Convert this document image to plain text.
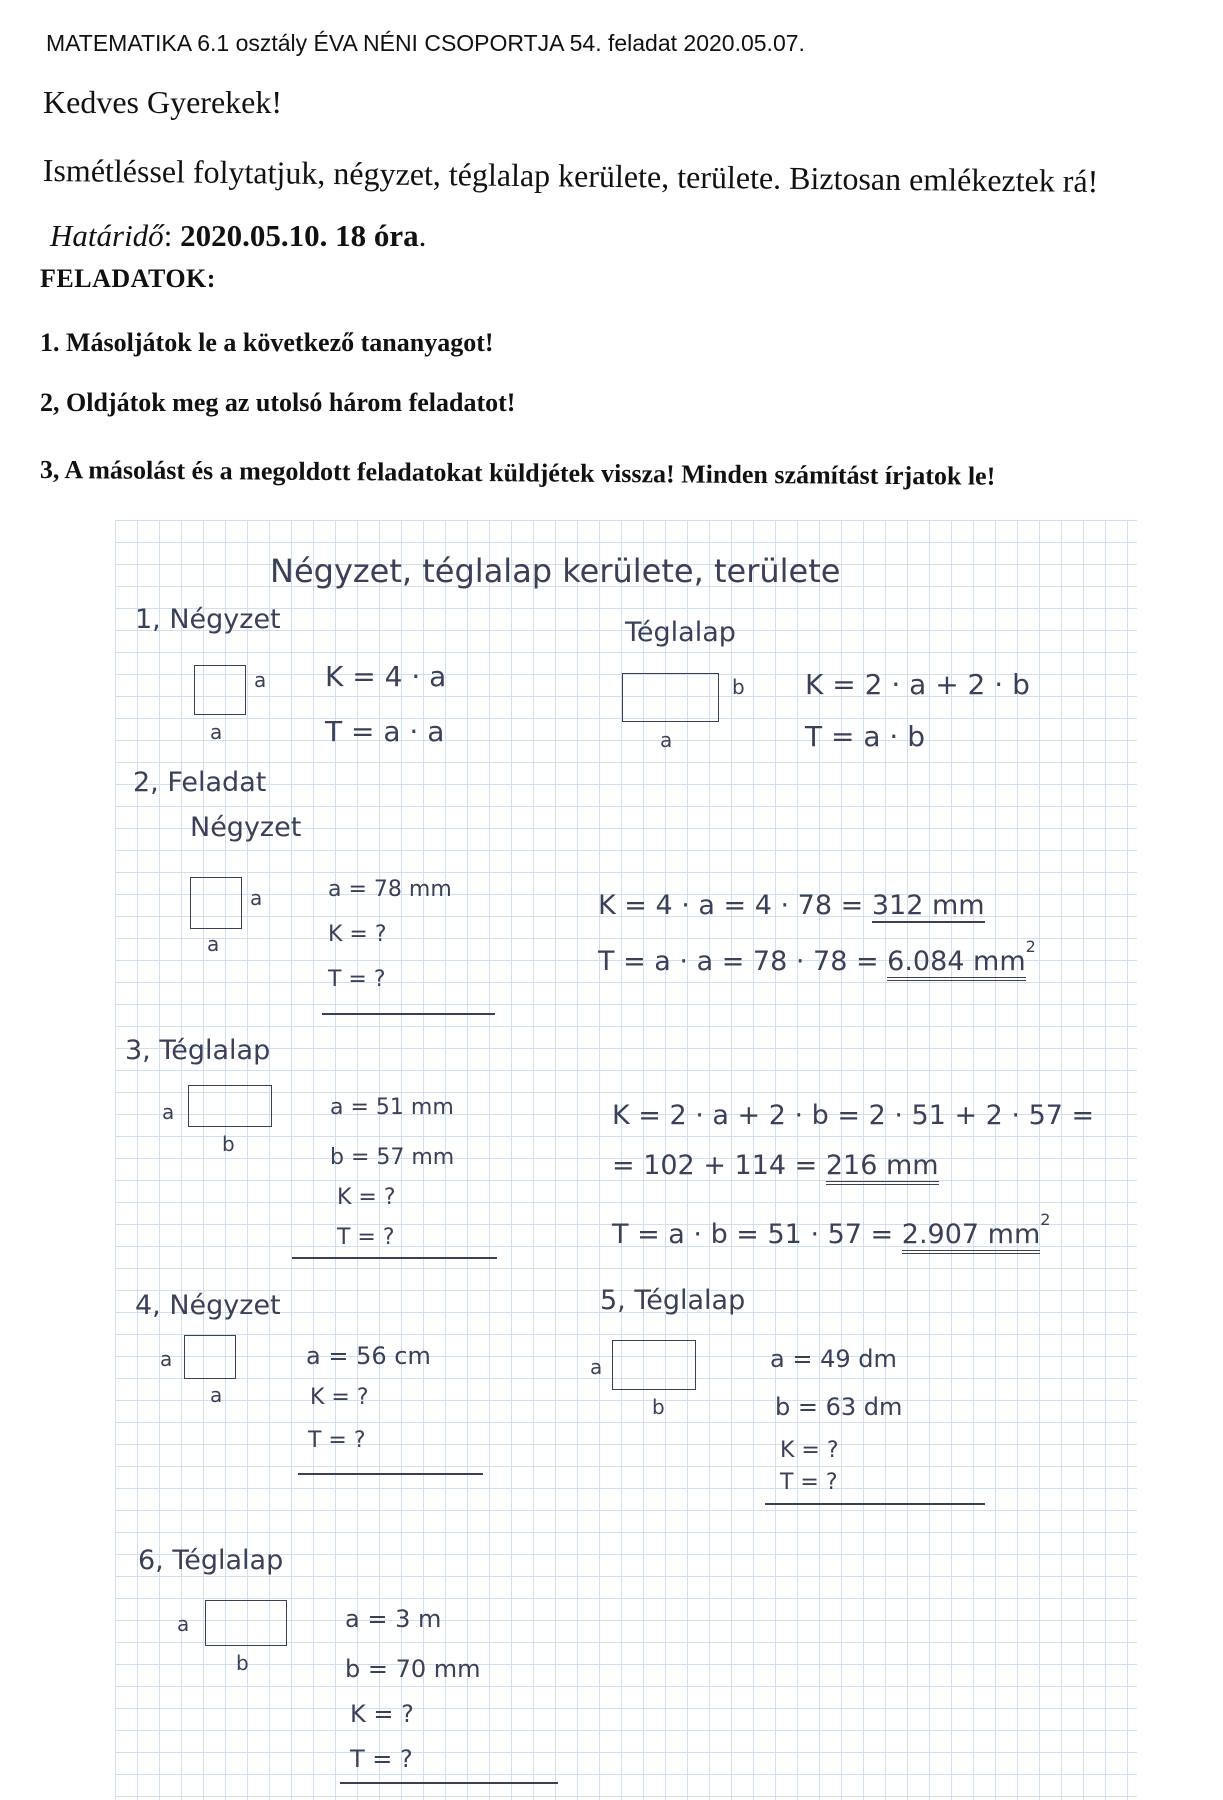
MATEMATIKA 6.1 osztály ÉVA NÉNI CSOPORTJA 54. feladat 2020.05.07.
Kedves Gyerekek!
Ismétléssel folytatjuk, négyzet, téglalap kerülete, területe. Biztosan emlékeztek rá!
Határidő: 2020.05.10. 18 óra.
FELADATOK:
1. Másoljátok le a következő tananyagot!
2, Oldjátok meg az utolsó három feladatot!
3, A másolást és a megoldott feladatokat küldjétek vissza! Minden számítást írjatok le!
Négyzet, téglalap kerülete, területe
1, Négyzet	Téglalap
a
a
K = 4 · a
T = a · a
b
a
K = 2 · a + 2 · b
T = a · b
2, Feladat
Négyzet
a
a
a = 78 mm
K = ?
T = ?
K = 4 · a = 4 · 78 = 312 mm
T = a · a = 78 · 78 = 6.084 $mm^2$
3, Téglalap
a
b
a = 51 mm
b = 57 mm
K = ?
T = ?
K = 2 · a + 2 · b = 2 · 51 + 2 · 57 =
= 102 + 114 = 216 mm
T = a · b = 51 · 57 = 2.907 $mm^2$
4, Négyzet
a
a
a = 56 cm
K = ?
T = ?
5, Téglalap
a
b
a = 49 dm
b = 63 dm
K = ?
T = ?
6, Téglalap
a
b
a = 3 m
b = 70 mm
K = ?
T = ?
